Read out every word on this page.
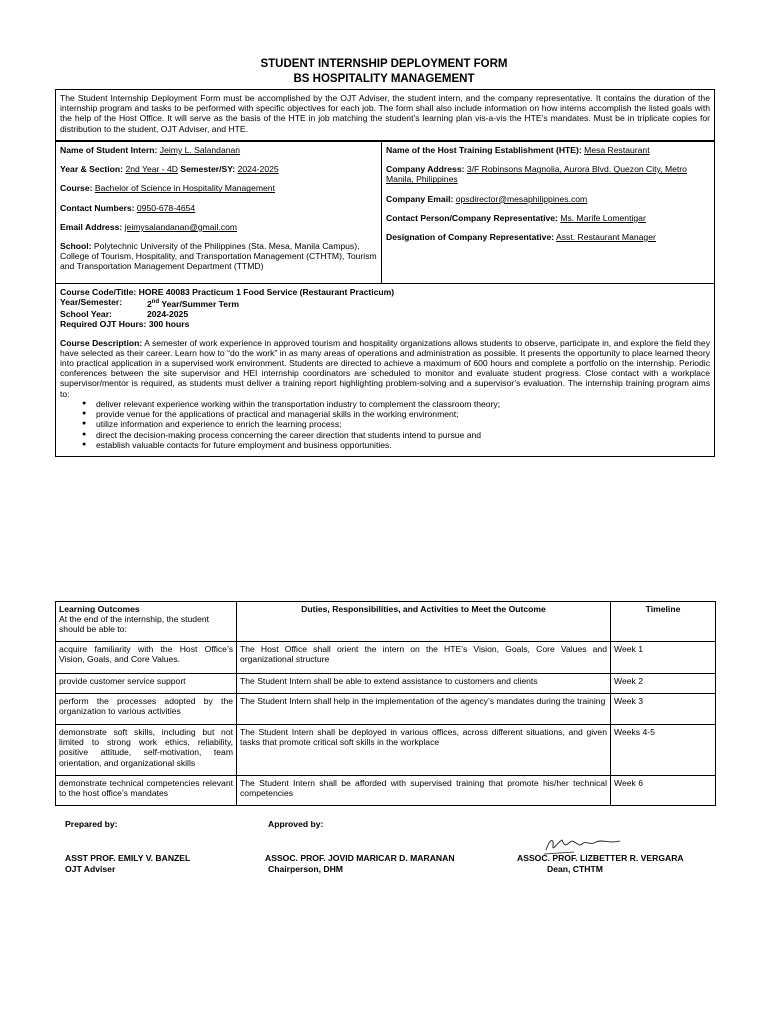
STUDENT INTERNSHIP DEPLOYMENT FORM
BS HOSPITALITY MANAGEMENT
The Student Internship Deployment Form must be accomplished by the OJT Adviser, the student intern, and the company representative. It contains the duration of the internship program and tasks to be performed with specific objectives for each job. The form shall also include information on how interns accomplish the listed goals with the help of the Host Office. It will serve as the basis of the HTE in job matching the student’s learning plan vis-a-vis the HTE’s mandates. Must be in triplicate copies for distribution to the student, OJT Adviser, and HTE.
Name of Student Intern: Jeimy L. Salandanan
Year & Section: 2nd Year - 4D Semester/SY: 2024-2025
Course: Bachelor of Science in Hospitality Management
Contact Numbers: 0950-678-4654
Email Address: jeimysalandanan@gmail.com
School: Polytechnic University of the Philippines (Sta. Mesa, Manila Campus), College of Tourism, Hospitality, and Transportation Management (CTHTM), Tourism and Transportation Management Department (TTMD)
Name of the Host Training Establishment (HTE): Mesa Restaurant
Company Address: 3/F Robinsons Magnolia, Aurora Blvd. Quezon City, Metro Manila, Philippines
Company Email: opsdirector@mesaphilippines.com
Contact Person/Company Representative: Ms. Marife Lomentigar
Designation of Company Representative: Asst. Restaurant Manager
Course Code/Title: HORE 40083 Practicum 1 Food Service (Restaurant Practicum)
Year/Semester:	2nd Year/Summer Term
School Year:	2024-2025
Required OJT Hours: 300 hours
Course Description: A semester of work experience in approved tourism and hospitality organizations allows students to observe, participate in, and explore the field they have selected as their career. Learn how to “do the work” in as many areas of operations and administration as possible. It presents the opportunity to place learned theory into practical application in a supervised work environment. Students are directed to achieve a maximum of 600 hours and complete a portfolio on the internship. Periodic conferences between the site supervisor and HEI internship coordinators are scheduled to monitor and evaluate student progress. Close contact with a workplace supervisor/mentor is required, as students must deliver a training report highlighting problem-solving and a supervisor’s evaluation. The internship training program aims to:
● deliver relevant experience working within the transportation industry to complement the classroom theory;
● provide venue for the applications of practical and managerial skills in the working environment;
● utilize information and experience to enrich the learning process;
● direct the decision-making process concerning the career direction that students intend to pursue and
● establish valuable contacts for future employment and business opportunities.
Learning Outcomes
At the end of the internship, the student should be able to:	Duties, Responsibilities, and Activities to Meet the Outcome	Timeline
acquire familiarity with the Host Office’s Vision, Goals, and Core Values.	The Host Office shall orient the intern on the HTE’s Vision, Goals, Core Values and organizational structure	Week 1
provide customer service support	The Student Intern shall be able to extend assistance to customers and clients	Week 2
perform the processes adopted by the organization to various activities	The Student Intern shall help in the implementation of the agency’s mandates during the training	Week 3
demonstrate soft skills, including but not limited to strong work ethics, reliability, positive attitude, self-motivation, team orientation, and organizational skills	The Student Intern shall be deployed in various offices, across different situations, and given tasks that promote critical soft skills in the workplace	Weeks 4-5
demonstrate technical competencies relevant to the host office’s mandates	The Student Intern shall be afforded with supervised training that promote his/her technical competencies	Week 6
Prepared by:	Approved by:
ASST PROF. EMILY V. BANZEL
OJT Adviser
ASSOC. PROF. JOVID MARICAR D. MARANAN
Chairperson, DHM
ASSOC. PROF. LIZBETTER R. VERGARA
Dean, CTHTM
